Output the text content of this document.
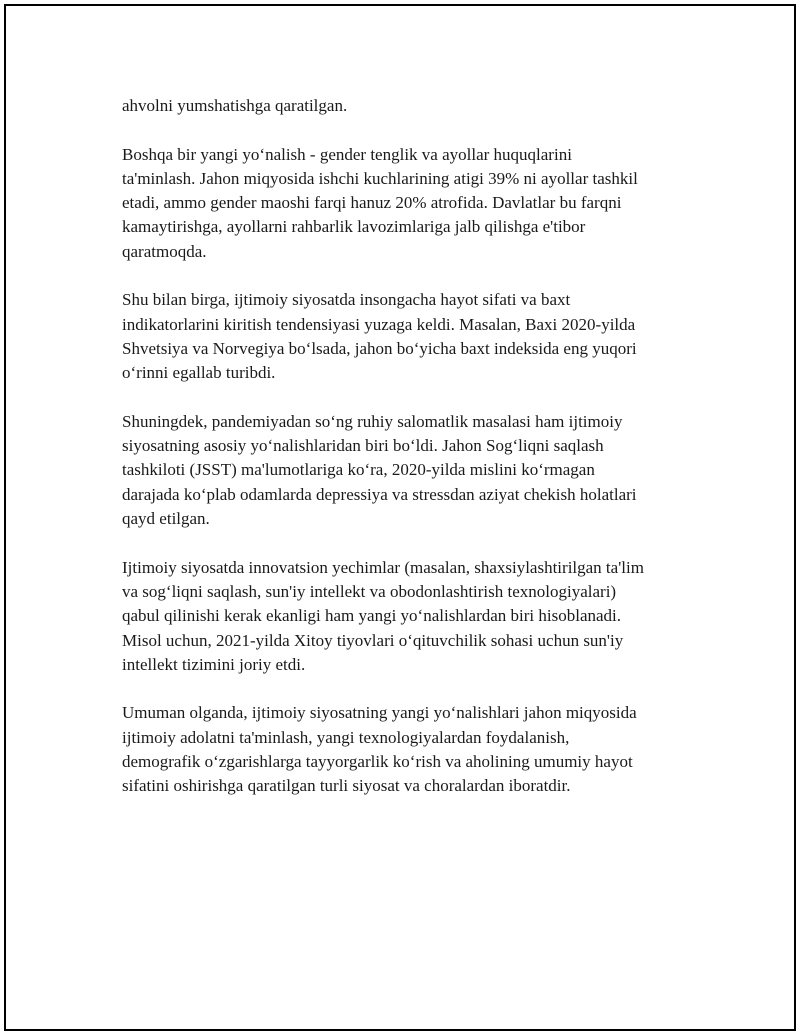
ahvolni yumshatishga qaratilgan.

Boshqa bir yangi yo‘nalish - gender tenglik va ayollar huquqlarini
ta'minlash. Jahon miqyosida ishchi kuchlarining atigi 39% ni ayollar tashkil
etadi, ammo gender maoshi farqi hanuz 20% atrofida. Davlatlar bu farqni
kamaytirishga, ayollarni rahbarlik lavozimlariga jalb qilishga e'tibor
qaratmoqda.

Shu bilan birga, ijtimoiy siyosatda insongacha hayot sifati va baxt
indikatorlarini kiritish tendensiyasi yuzaga keldi. Masalan, Baxi 2020-yilda
Shvetsiya va Norvegiya bo‘lsada, jahon bo‘yicha baxt indeksida eng yuqori
o‘rinni egallab turibdi.

Shuningdek, pandemiyadan so‘ng ruhiy salomatlik masalasi ham ijtimoiy
siyosatning asosiy yo‘nalishlaridan biri bo‘ldi. Jahon Sog‘liqni saqlash
tashkiloti (JSST) ma'lumotlariga ko‘ra, 2020-yilda mislini ko‘rmagan
darajada ko‘plab odamlarda depressiya va stressdan aziyat chekish holatlari
qayd etilgan.

Ijtimoiy siyosatda innovatsion yechimlar (masalan, shaxsiylashtirilgan ta'lim
va sog‘liqni saqlash, sun'iy intellekt va obodonlashtirish texnologiyalari)
qabul qilinishi kerak ekanligi ham yangi yo‘nalishlardan biri hisoblanadi.
Misol uchun, 2021-yilda Xitoy tiyovlari o‘qituvchilik sohasi uchun sun'iy
intellekt tizimini joriy etdi.

Umuman olganda, ijtimoiy siyosatning yangi yo‘nalishlari jahon miqyosida
ijtimoiy adolatni ta'minlash, yangi texnologiyalardan foydalanish,
demografik o‘zgarishlarga tayyorgarlik ko‘rish va aholining umumiy hayot
sifatini oshirishga qaratilgan turli siyosat va choralardan iboratdir.
